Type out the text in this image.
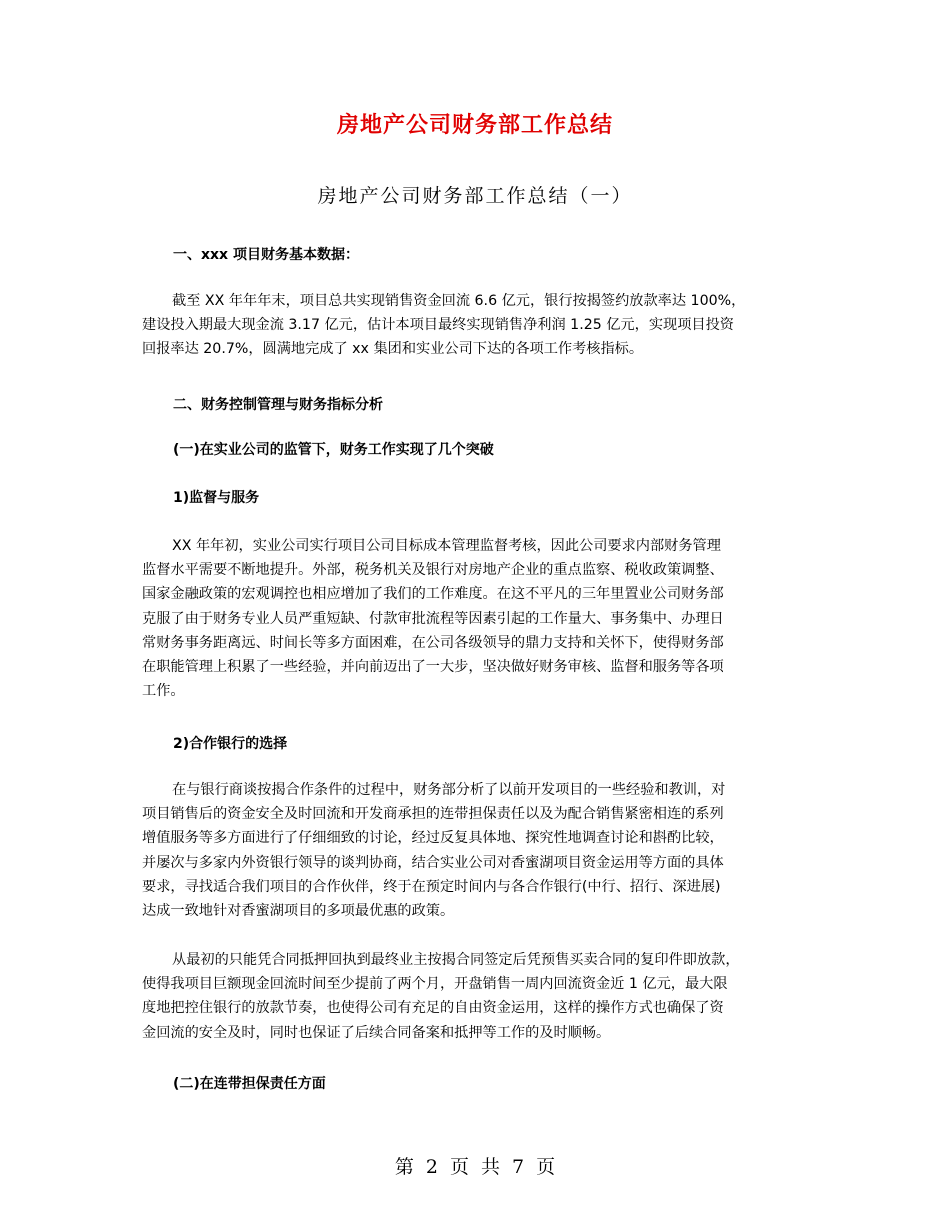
房地产公司财务部工作总结
房地产公司财务部工作总结（一）
一、xxx 项目财务基本数据：
截至 XX 年年年末，项目总共实现销售资金回流 6.6 亿元，银行按揭签约放款率达 100%，
建设投入期最大现金流 3.17 亿元，估计本项目最终实现销售净利润 1.25 亿元，实现项目投资
回报率达 20.7%，圆满地完成了 xx 集团和实业公司下达的各项工作考核指标。
二、财务控制管理与财务指标分析
(一)在实业公司的监管下，财务工作实现了几个突破
1)监督与服务
XX 年年初，实业公司实行项目公司目标成本管理监督考核，因此公司要求内部财务管理
监督水平需要不断地提升。外部，税务机关及银行对房地产企业的重点监察、税收政策调整、
国家金融政策的宏观调控也相应增加了我们的工作难度。在这不平凡的三年里置业公司财务部
克服了由于财务专业人员严重短缺、付款审批流程等因素引起的工作量大、事务集中、办理日
常财务事务距离远、时间长等多方面困难，在公司各级领导的鼎力支持和关怀下，使得财务部
在职能管理上积累了一些经验，并向前迈出了一大步，坚决做好财务审核、监督和服务等各项
工作。
2)合作银行的选择
在与银行商谈按揭合作条件的过程中，财务部分析了以前开发项目的一些经验和教训，对
项目销售后的资金安全及时回流和开发商承担的连带担保责任以及为配合销售紧密相连的系列
增值服务等多方面进行了仔细细致的讨论，经过反复具体地、探究性地调查讨论和斟酌比较，
并屡次与多家内外资银行领导的谈判协商，结合实业公司对香蜜湖项目资金运用等方面的具体
要求，寻找适合我们项目的合作伙伴，终于在预定时间内与各合作银行(中行、招行、深进展)
达成一致地针对香蜜湖项目的多项最优惠的政策。
从最初的只能凭合同抵押回执到最终业主按揭合同签定后凭预售买卖合同的复印件即放款，
使得我项目巨额现金回流时间至少提前了两个月，开盘销售一周内回流资金近 1 亿元，最大限
度地把控住银行的放款节奏，也使得公司有充足的自由资金运用，这样的操作方式也确保了资
金回流的安全及时，同时也保证了后续合同备案和抵押等工作的及时顺畅。
(二)在连带担保责任方面
第 2 页 共 7 页
